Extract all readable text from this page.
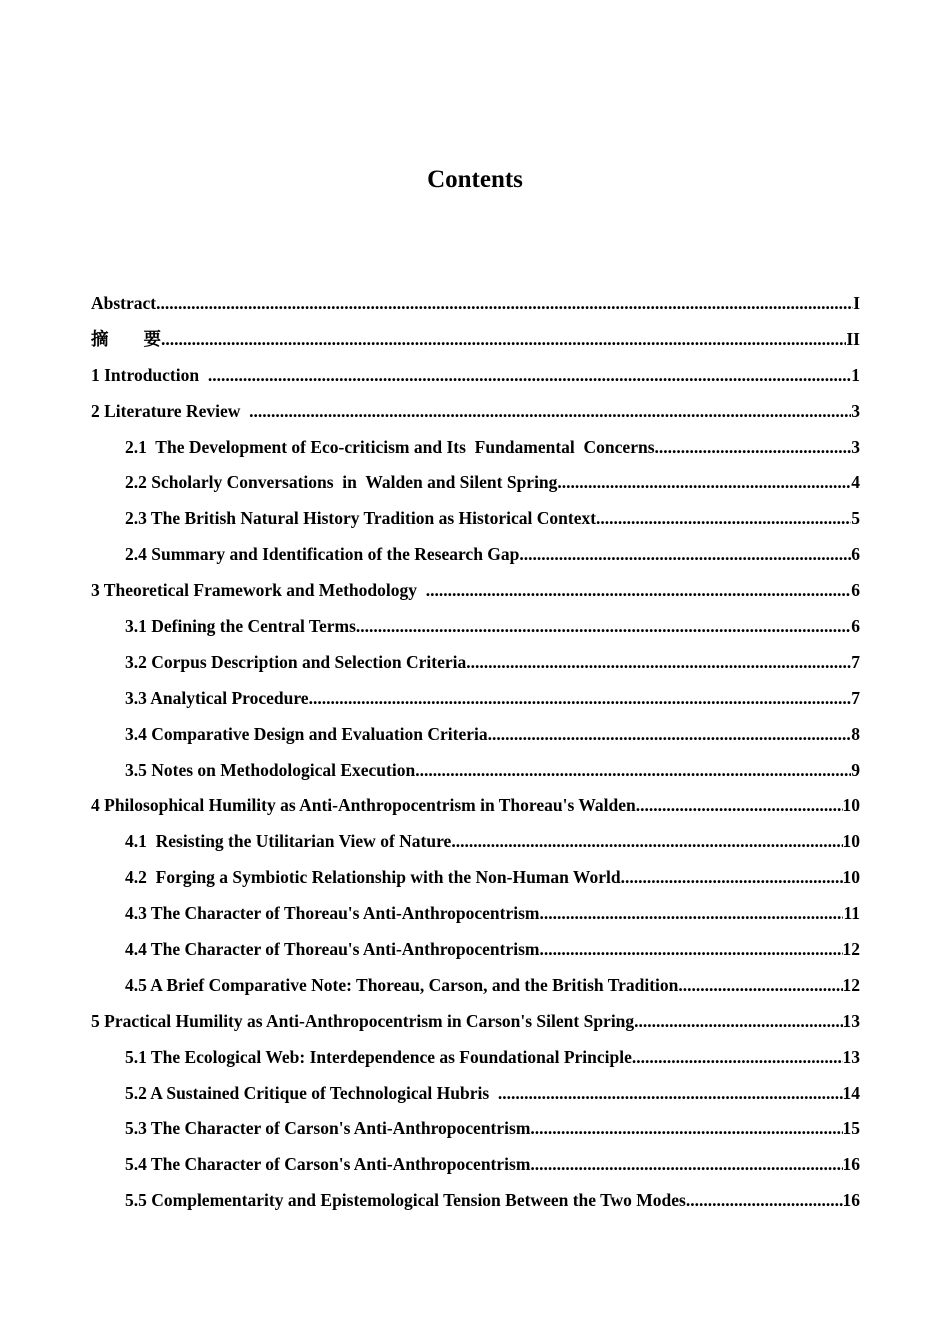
Contents
Abstract .....	I
摘　　要 .....	II
1 Introduction .....	1
2 Literature Review .....	3
2.1  The Development of Eco-criticism and Its  Fundamental  Concerns .....	3
2.2 Scholarly Conversations  in  Walden and Silent Spring .....	4
2.3 The British Natural History Tradition as Historical Context .....	5
2.4 Summary and Identification of the Research Gap .....	6
3 Theoretical Framework and Methodology .....	6
3.1 Defining the Central Terms .....	6
3.2 Corpus Description and Selection Criteria .....	7
3.3 Analytical Procedure .....	7
3.4 Comparative Design and Evaluation Criteria .....	8
3.5 Notes on Methodological Execution .....	9
4 Philosophical Humility as Anti-Anthropocentrism in Thoreau's Walden .....	10
4.1  Resisting the Utilitarian View of Nature .....	10
4.2  Forging a Symbiotic Relationship with the Non-Human World .....	10
4.3 The Character of Thoreau's Anti-Anthropocentrism .....	11
4.4 The Character of Thoreau's Anti-Anthropocentrism .....	12
4.5 A Brief Comparative Note: Thoreau, Carson, and the British Tradition .....	12
5 Practical Humility as Anti-Anthropocentrism in Carson's Silent Spring .....	13
5.1 The Ecological Web: Interdependence as Foundational Principle .....	13
5.2 A Sustained Critique of Technological Hubris .....	14
5.3 The Character of Carson's Anti-Anthropocentrism .....	15
5.4 The Character of Carson's Anti-Anthropocentrism .....	16
5.5 Complementarity and Epistemological Tension Between the Two Modes .....	16
